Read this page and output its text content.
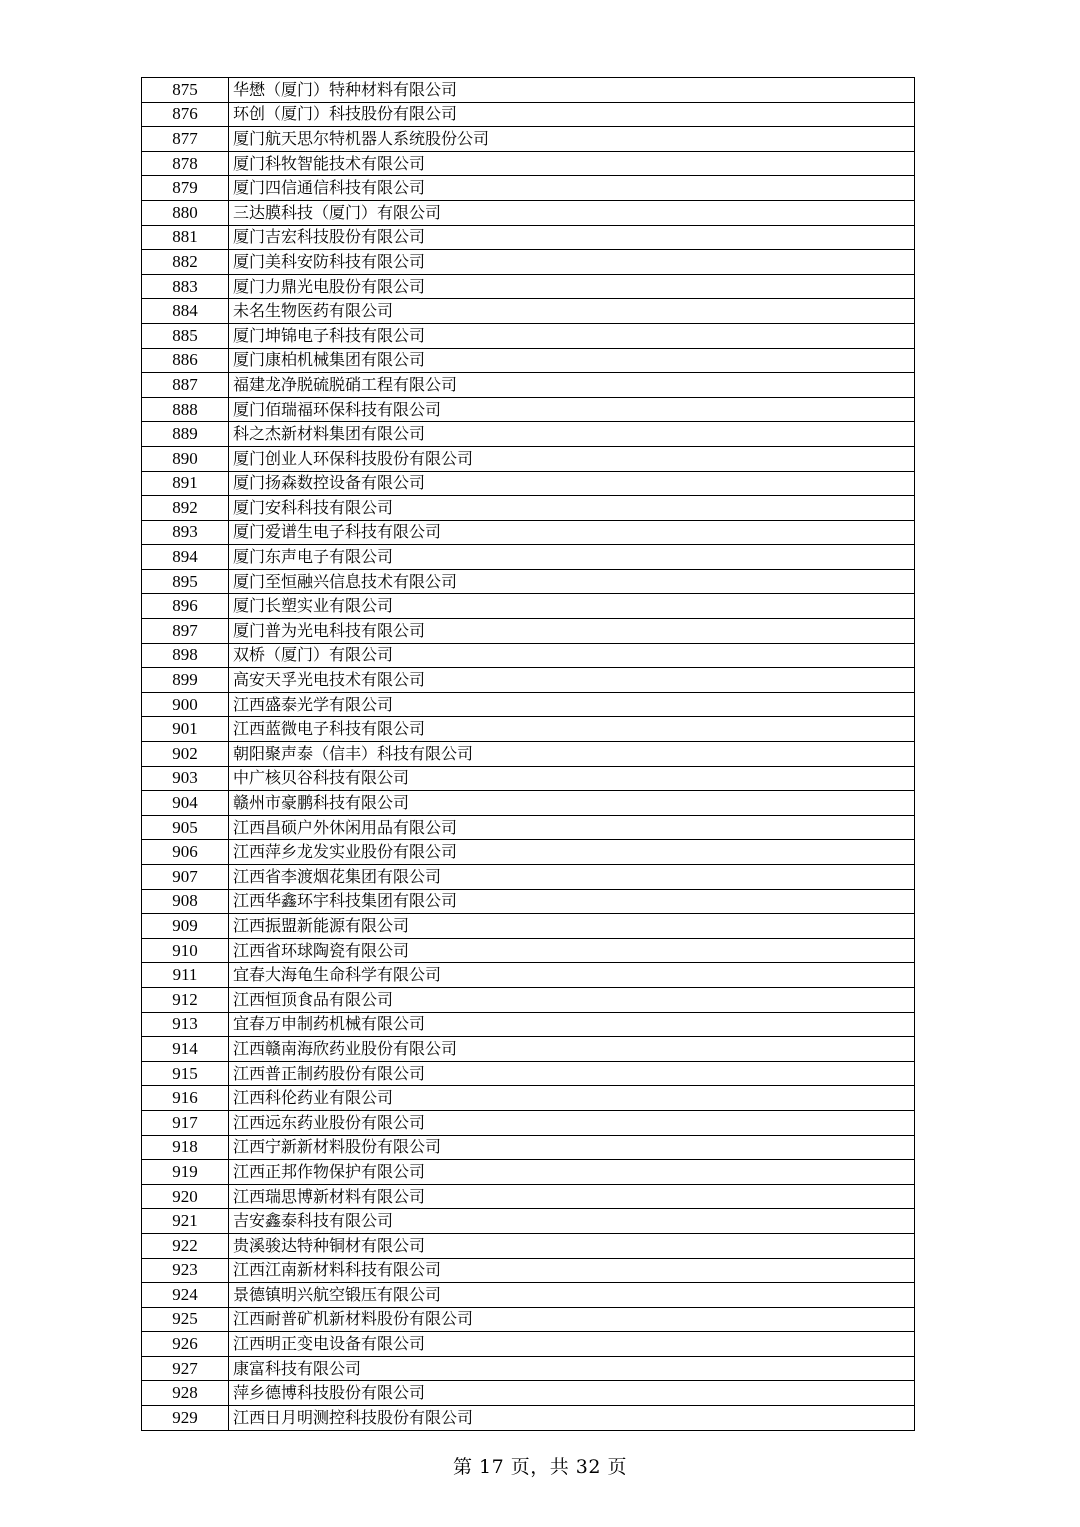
875	华懋（厦门）特种材料有限公司
876	环创（厦门）科技股份有限公司
877	厦门航天思尔特机器人系统股份公司
878	厦门科牧智能技术有限公司
879	厦门四信通信科技有限公司
880	三达膜科技（厦门）有限公司
881	厦门吉宏科技股份有限公司
882	厦门美科安防科技有限公司
883	厦门力鼎光电股份有限公司
884	未名生物医药有限公司
885	厦门坤锦电子科技有限公司
886	厦门康柏机械集团有限公司
887	福建龙净脱硫脱硝工程有限公司
888	厦门佰瑞福环保科技有限公司
889	科之杰新材料集团有限公司
890	厦门创业人环保科技股份有限公司
891	厦门扬森数控设备有限公司
892	厦门安科科技有限公司
893	厦门爱谱生电子科技有限公司
894	厦门东声电子有限公司
895	厦门至恒融兴信息技术有限公司
896	厦门长塑实业有限公司
897	厦门普为光电科技有限公司
898	双桥（厦门）有限公司
899	高安天孚光电技术有限公司
900	江西盛泰光学有限公司
901	江西蓝微电子科技有限公司
902	朝阳聚声泰（信丰）科技有限公司
903	中广核贝谷科技有限公司
904	赣州市豪鹏科技有限公司
905	江西昌硕户外休闲用品有限公司
906	江西萍乡龙发实业股份有限公司
907	江西省李渡烟花集团有限公司
908	江西华鑫环宇科技集团有限公司
909	江西振盟新能源有限公司
910	江西省环球陶瓷有限公司
911	宜春大海龟生命科学有限公司
912	江西恒顶食品有限公司
913	宜春万申制药机械有限公司
914	江西赣南海欣药业股份有限公司
915	江西普正制药股份有限公司
916	江西科伦药业有限公司
917	江西远东药业股份有限公司
918	江西宁新新材料股份有限公司
919	江西正邦作物保护有限公司
920	江西瑞思博新材料有限公司
921	吉安鑫泰科技有限公司
922	贵溪骏达特种铜材有限公司
923	江西江南新材料科技有限公司
924	景德镇明兴航空锻压有限公司
925	江西耐普矿机新材料股份有限公司
926	江西明正变电设备有限公司
927	康富科技有限公司
928	萍乡德博科技股份有限公司
929	江西日月明测控科技股份有限公司
第 17 页，共 32 页
